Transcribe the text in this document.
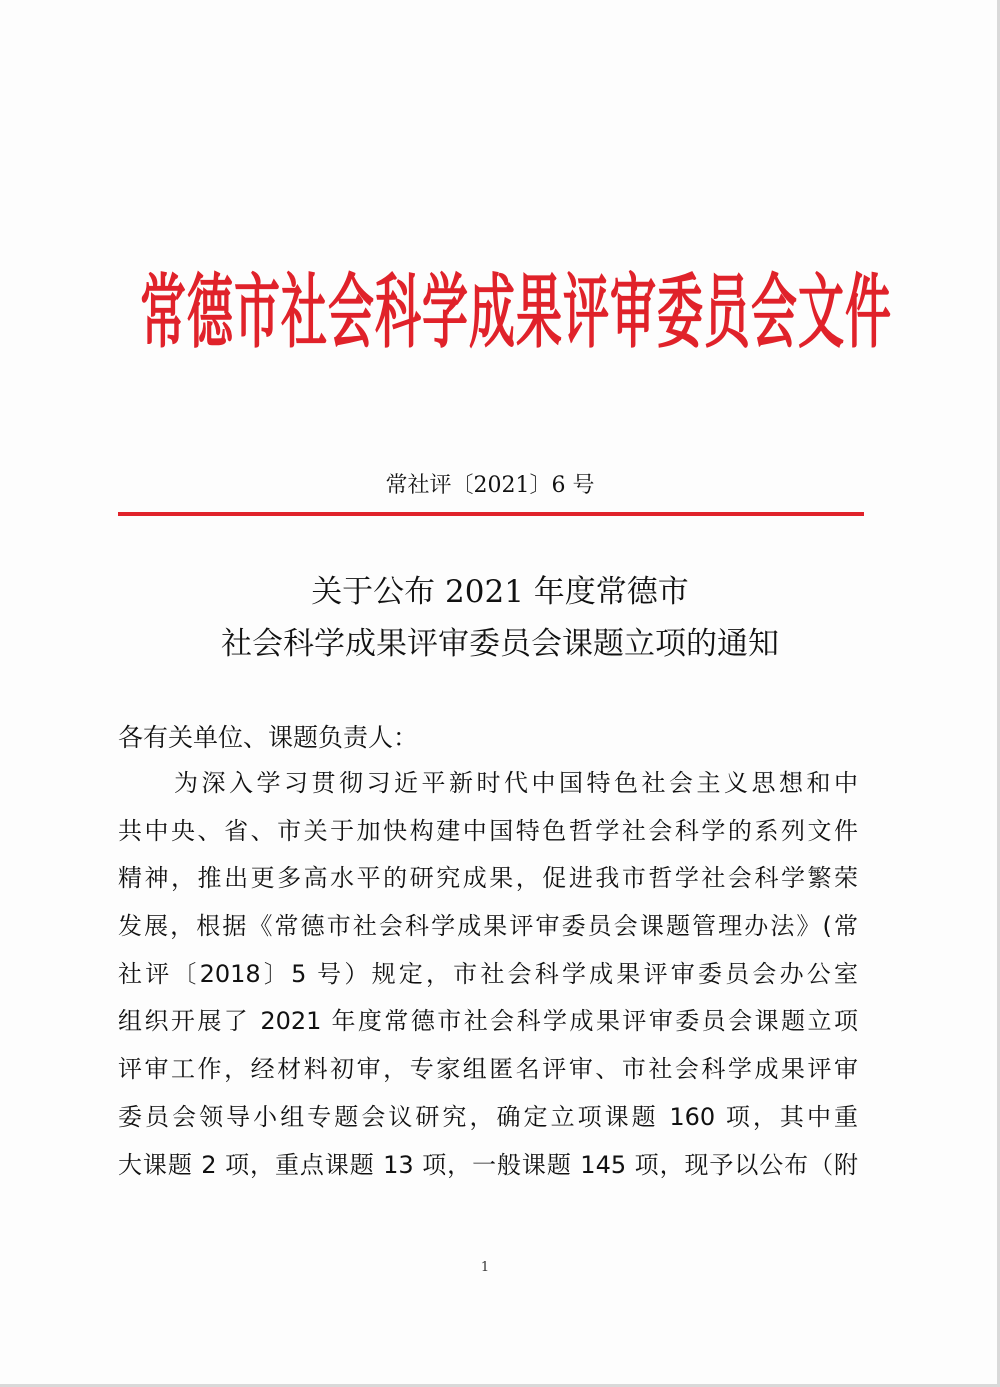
常德市社会科学成果评审委员会文件
常社评〔2021〕6 号
关于公布 2021 年度常德市
社会科学成果评审委员会课题立项的通知
各有关单位、课题负责人：
为深入学习贯彻习近平新时代中国特色社会主义思想和中
共中央、省、市关于加快构建中国特色哲学社会科学的系列文件
精神，推出更多高水平的研究成果，促进我市哲学社会科学繁荣
发展，根据《常德市社会科学成果评审委员会课题管理办法》(常
社评〔2018〕5 号）规定，市社会科学成果评审委员会办公室
组织开展了 2021 年度常德市社会科学成果评审委员会课题立项
评审工作，经材料初审，专家组匿名评审、市社会科学成果评审
委员会领导小组专题会议研究，确定立项课题 160 项，其中重
大课题 2 项，重点课题 13 项，一般课题 145 项，现予以公布（附
1
